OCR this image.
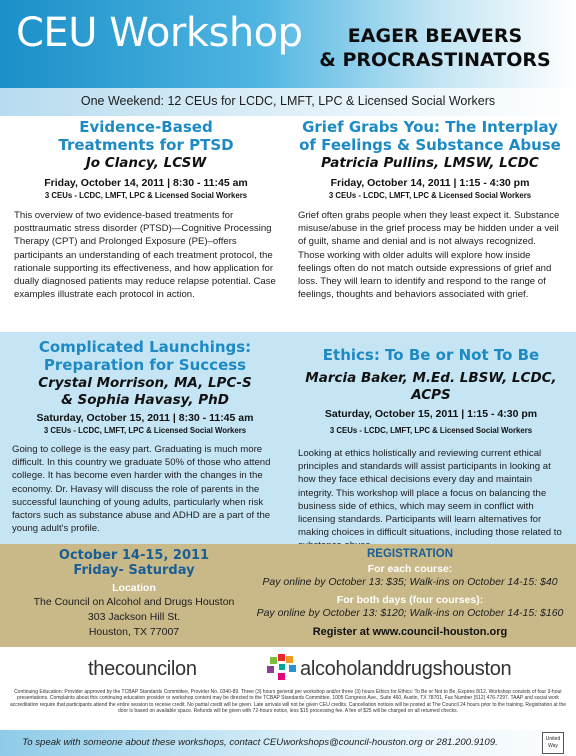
CEU Workshop	EAGER BEAVERS
& PROCRASTINATORS
One Weekend: 12 CEUs for LCDC, LMFT, LPC & Licensed Social Workers
Evidence-Based
Treatments for PTSD
Jo Clancy, LCSW
Friday, October 14, 2011 | 8:30 - 11:45 am
3 CEUs - LCDC, LMFT, LPC & Licensed Social Workers
This overview of two evidence-based treatments for posttraumatic stress disorder (PTSD)—Cognitive Processing Therapy (CPT) and Prolonged Exposure (PE)–offers participants an understanding of each treatment protocol, the rationale supporting its effectiveness, and how application for dually diagnosed patients may reduce relapse potential. Case examples illustrate each protocol in action.
Grief Grabs You: The Interplay
of Feelings & Substance Abuse
Patricia Pullins, LMSW, LCDC
Friday, October 14, 2011 | 1:15 - 4:30 pm
3 CEUs - LCDC, LMFT, LPC & Licensed Social Workers
Grief often grabs people when they least expect it. Substance misuse/abuse in the grief process may be hidden under a veil of guilt, shame and denial and is not always recognized. Those working with older adults will explore how inside feelings often do not match outside expressions of grief and loss. They will learn to identify and respond to the range of feelings, thoughts and behaviors associated with grief.
Complicated Launchings:
Preparation for Success
Crystal Morrison, MA, LPC-S
& Sophia Havasy, PhD
Saturday, October 15, 2011 | 8:30 - 11:45 am
3 CEUs - LCDC, LMFT, LPC & Licensed Social Workers
Going to college is the easy part. Graduating is much more difficult. In this country we graduate 50% of those who attend college. It has become even harder with the changes in the economy. Dr. Havasy will discuss the role of parents in the successful launching of young adults, particularly when risk factors such as substance abuse and ADHD are a part of the young adult's profile.
Ethics: To Be or Not To Be
Marcia Baker, M.Ed. LBSW, LCDC, ACPS
Saturday, October 15, 2011 | 1:15 - 4:30 pm
3 CEUs - LCDC, LMFT, LPC & Licensed Social Workers
Looking at ethics holistically and reviewing current ethical principles and standards will assist participants in looking at how they face ethical decisions every day and maintain integrity. This workshop will place a focus on balancing the business side of ethics, which may seem in conflict with licensing standards. Participants will learn alternatives for making choices in difficult situations, including those related to
October 14-15, 2011
Friday- Saturday
Location
The Council on Alcohol and Drugs Houston
303 Jackson Hill St.
Houston, TX 77007
REGISTRATION
For each course:
Pay online by October 13: $35; Walk-ins on October 14-15: $40
For both days (four courses):
Pay online by October 13: $120; Walk-ins on October 14-15: $160
Register at www.council-houston.org
thecouncilon	alcoholanddrugshouston
Continuing Education: Provider approved by the TCBAP Standards Committee, Provider No. 0340-89. Three (3) hours general per workshop and/or three (3) hours Ethics for Ethics: To Be or Not to Be, Expires 8/12. Workshop consists of four 3-hour presentations. Complaints about this continuing education provider or workshop content may be directed to the TCBAP Standards Committee, 1005 Congress Ave., Suite 460, Austin, TX 78701, Fax Number (512) 476-7297. TAAP and social work accreditation require that participants attend the entire session to receive credit. No partial credit will be given. Late arrivals will not be given CEU credits. Cancellation notices will be posted at The Council 24 hours prior to the training. Registration at the door is based on available space. Refunds will be given with 72-hours notice, less $15 processing fee. A fee of $25 will be charged on all returned checks.
To speak with someone about these workshops, contact CEUworkshops@council-houston.org or 281.200.9109.	United
Way
